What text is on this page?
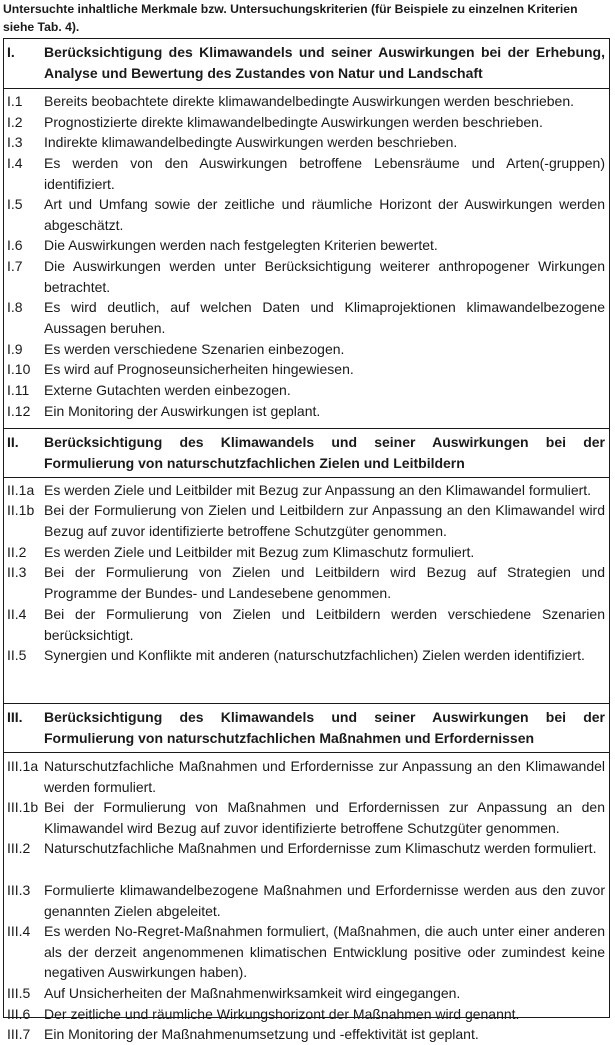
Untersuchte inhaltliche Merkmale bzw. Untersuchungskriterien (für Beispiele zu einzelnen Kriterien siehe Tab. 4).
I. Berücksichtigung des Klimawandels und seiner Auswirkungen bei der Erhebung, Analyse und Bewertung des Zustandes von Natur und Landschaft
I.1 Bereits beobachtete direkte klimawandelbedingte Auswirkungen werden beschrieben.
I.2 Prognostizierte direkte klimawandelbedingte Auswirkungen werden beschrieben.
I.3 Indirekte klimawandelbedingte Auswirkungen werden beschrieben.
I.4 Es werden von den Auswirkungen betroffene Lebensräume und Arten(-gruppen) identifiziert.
I.5 Art und Umfang sowie der zeitliche und räumliche Horizont der Auswirkungen werden abgeschätzt.
I.6 Die Auswirkungen werden nach festgelegten Kriterien bewertet.
I.7 Die Auswirkungen werden unter Berücksichtigung weiterer anthropogener Wirkungen betrachtet.
I.8 Es wird deutlich, auf welchen Daten und Klimaprojektionen klimawandelbezogene Aussagen beruhen.
I.9 Es werden verschiedene Szenarien einbezogen.
I.10 Es wird auf Prognoseunsicherheiten hingewiesen.
I.11 Externe Gutachten werden einbezogen.
I.12 Ein Monitoring der Auswirkungen ist geplant.
II. Berücksichtigung des Klimawandels und seiner Auswirkungen bei der Formulierung von naturschutzfachlichen Zielen und Leitbildern
II.1a Es werden Ziele und Leitbilder mit Bezug zur Anpassung an den Klimawandel formuliert.
II.1b Bei der Formulierung von Zielen und Leitbildern zur Anpassung an den Klimawandel wird Bezug auf zuvor identifizierte betroffene Schutzgüter genommen.
II.2 Es werden Ziele und Leitbilder mit Bezug zum Klimaschutz formuliert.
II.3 Bei der Formulierung von Zielen und Leitbildern wird Bezug auf Strategien und Programme der Bundes- und Landesebene genommen.
II.4 Bei der Formulierung von Zielen und Leitbildern werden verschiedene Szenarien berücksichtigt.
II.5 Synergien und Konflikte mit anderen (naturschutzfachlichen) Zielen werden identifiziert.
III. Berücksichtigung des Klimawandels und seiner Auswirkungen bei der Formulierung von naturschutzfachlichen Maßnahmen und Erfordernissen
III.1a Naturschutzfachliche Maßnahmen und Erfordernisse zur Anpassung an den Klimawandel werden formuliert.
III.1b Bei der Formulierung von Maßnahmen und Erfordernissen zur Anpassung an den Klimawandel wird Bezug auf zuvor identifizierte betroffene Schutzgüter genommen.
III.2 Naturschutzfachliche Maßnahmen und Erfordernisse zum Klimaschutz werden formuliert.
III.3 Formulierte klimawandelbezogene Maßnahmen und Erfordernisse werden aus den zuvor genannten Zielen abgeleitet.
III.4 Es werden No-Regret-Maßnahmen formuliert, (Maßnahmen, die auch unter einer anderen als der derzeit angenommenen klimatischen Entwicklung positive oder zumindest keine negativen Auswirkungen haben).
III.5 Auf Unsicherheiten der Maßnahmenwirksamkeit wird eingegangen.
III.6 Der zeitliche und räumliche Wirkungshorizont der Maßnahmen wird genannt.
III.7 Ein Monitoring der Maßnahmenumsetzung und -effektivität ist geplant.
